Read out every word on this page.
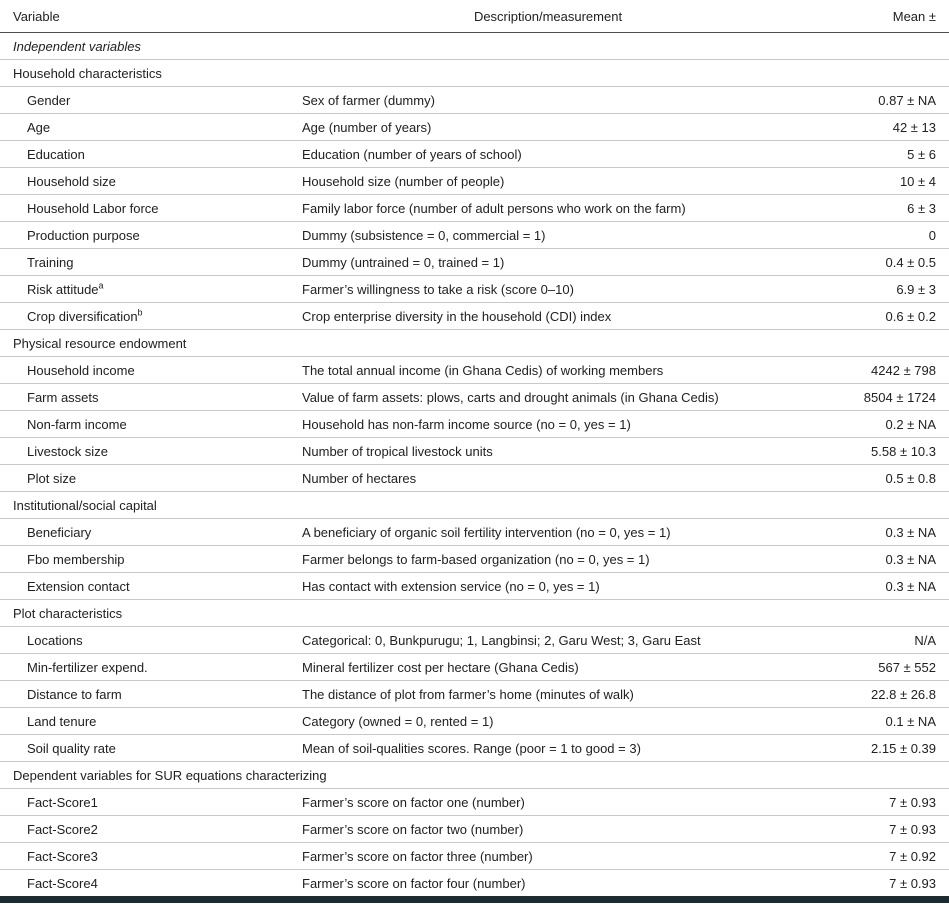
Variable	Description/measurement	Mean ±
Independent variables		
Household characteristics		
Gender	Sex of farmer (dummy)	0.87 ± NA
Age	Age (number of years)	42 ± 13
Education	Education (number of years of school)	5 ± 6
Household size	Household size (number of people)	10 ± 4
Household Labor force	Family labor force (number of adult persons who work on the farm)	6 ± 3
Production purpose	Dummy (subsistence = 0, commercial = 1)	0
Training	Dummy (untrained = 0, trained = 1)	0.4 ± 0.5
Risk attitude$^a$	Farmer’s willingness to take a risk (score 0–10)	6.9 ± 3
Crop diversification$^b$	Crop enterprise diversity in the household (CDI) index	0.6 ± 0.2
Physical resource endowment		
Household income	The total annual income (in Ghana Cedis) of working members	4242 ± 798
Farm assets	Value of farm assets: plows, carts and drought animals (in Ghana Cedis)	8504 ± 1724
Non-farm income	Household has non-farm income source (no = 0, yes = 1)	0.2 ± NA
Livestock size	Number of tropical livestock units	5.58 ± 10.3
Plot size	Number of hectares	0.5 ± 0.8
Institutional/social capital		
Beneficiary	A beneficiary of organic soil fertility intervention (no = 0, yes = 1)	0.3 ± NA
Fbo membership	Farmer belongs to farm-based organization (no = 0, yes = 1)	0.3 ± NA
Extension contact	Has contact with extension service (no = 0, yes = 1)	0.3 ± NA
Plot characteristics		
Locations	Categorical: 0, Bunkpurugu; 1, Langbinsi; 2, Garu West; 3, Garu East	N/A
Min-fertilizer expend.	Mineral fertilizer cost per hectare (Ghana Cedis)	567 ± 552
Distance to farm	The distance of plot from farmer’s home (minutes of walk)	22.8 ± 26.8
Land tenure	Category (owned = 0, rented = 1)	0.1 ± NA
Soil quality rate	Mean of soil-qualities scores. Range (poor = 1 to good = 3)	2.15 ± 0.39
Dependent variables for SUR equations characterizing		
Fact-Score1	Farmer’s score on factor one (number)	7 ± 0.93
Fact-Score2	Farmer’s score on factor two (number)	7 ± 0.93
Fact-Score3	Farmer’s score on factor three (number)	7 ± 0.92
Fact-Score4	Farmer’s score on factor four (number)	7 ± 0.93
